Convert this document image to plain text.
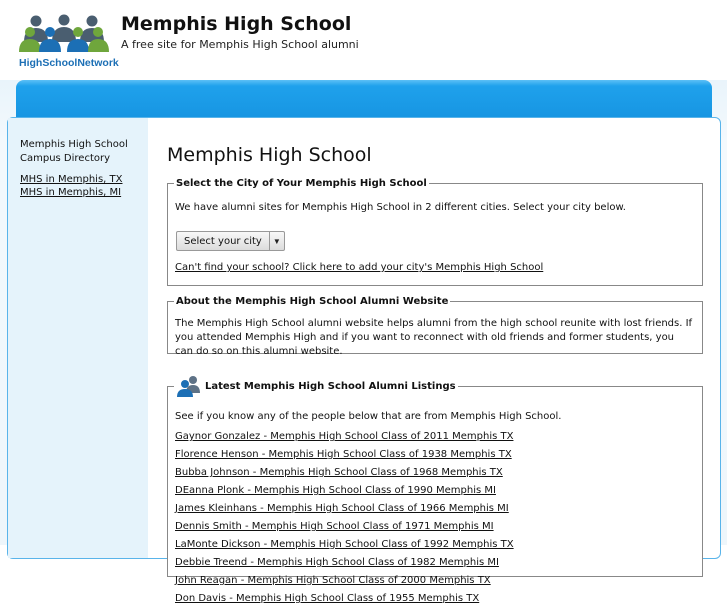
HighSchoolNetwork
Memphis High School
A free site for Memphis High School alumni
Memphis High School Campus Directory
MHS in Memphis, TX
MHS in Memphis, MI
Memphis High School
Select the City of Your Memphis High School
We have alumni sites for Memphis High School in 2 different cities. Select your city below.
Select your city	▼
Can't find your school? Click here to add your city's Memphis High School
About the Memphis High School Alumni Website
The Memphis High School alumni website helps alumni from the high school reunite with lost friends. If you attended Memphis High and if you want to reconnect with old friends and former students, you can do so on this alumni website.
Latest Memphis High School Alumni Listings
See if you know any of the people below that are from Memphis High School.
Gaynor Gonzalez - Memphis High School Class of 2011 Memphis TX
Florence Henson - Memphis High School Class of 1938 Memphis TX
Bubba Johnson - Memphis High School Class of 1968 Memphis TX
DEanna Plonk - Memphis High School Class of 1990 Memphis MI
James Kleinhans - Memphis High School Class of 1966 Memphis MI
Dennis Smith - Memphis High School Class of 1971 Memphis MI
LaMonte Dickson - Memphis High School Class of 1992 Memphis TX
Debbie Treend - Memphis High School Class of 1982 Memphis MI
John Reagan - Memphis High School Class of 2000 Memphis TX
Don Davis - Memphis High School Class of 1955 Memphis TX
